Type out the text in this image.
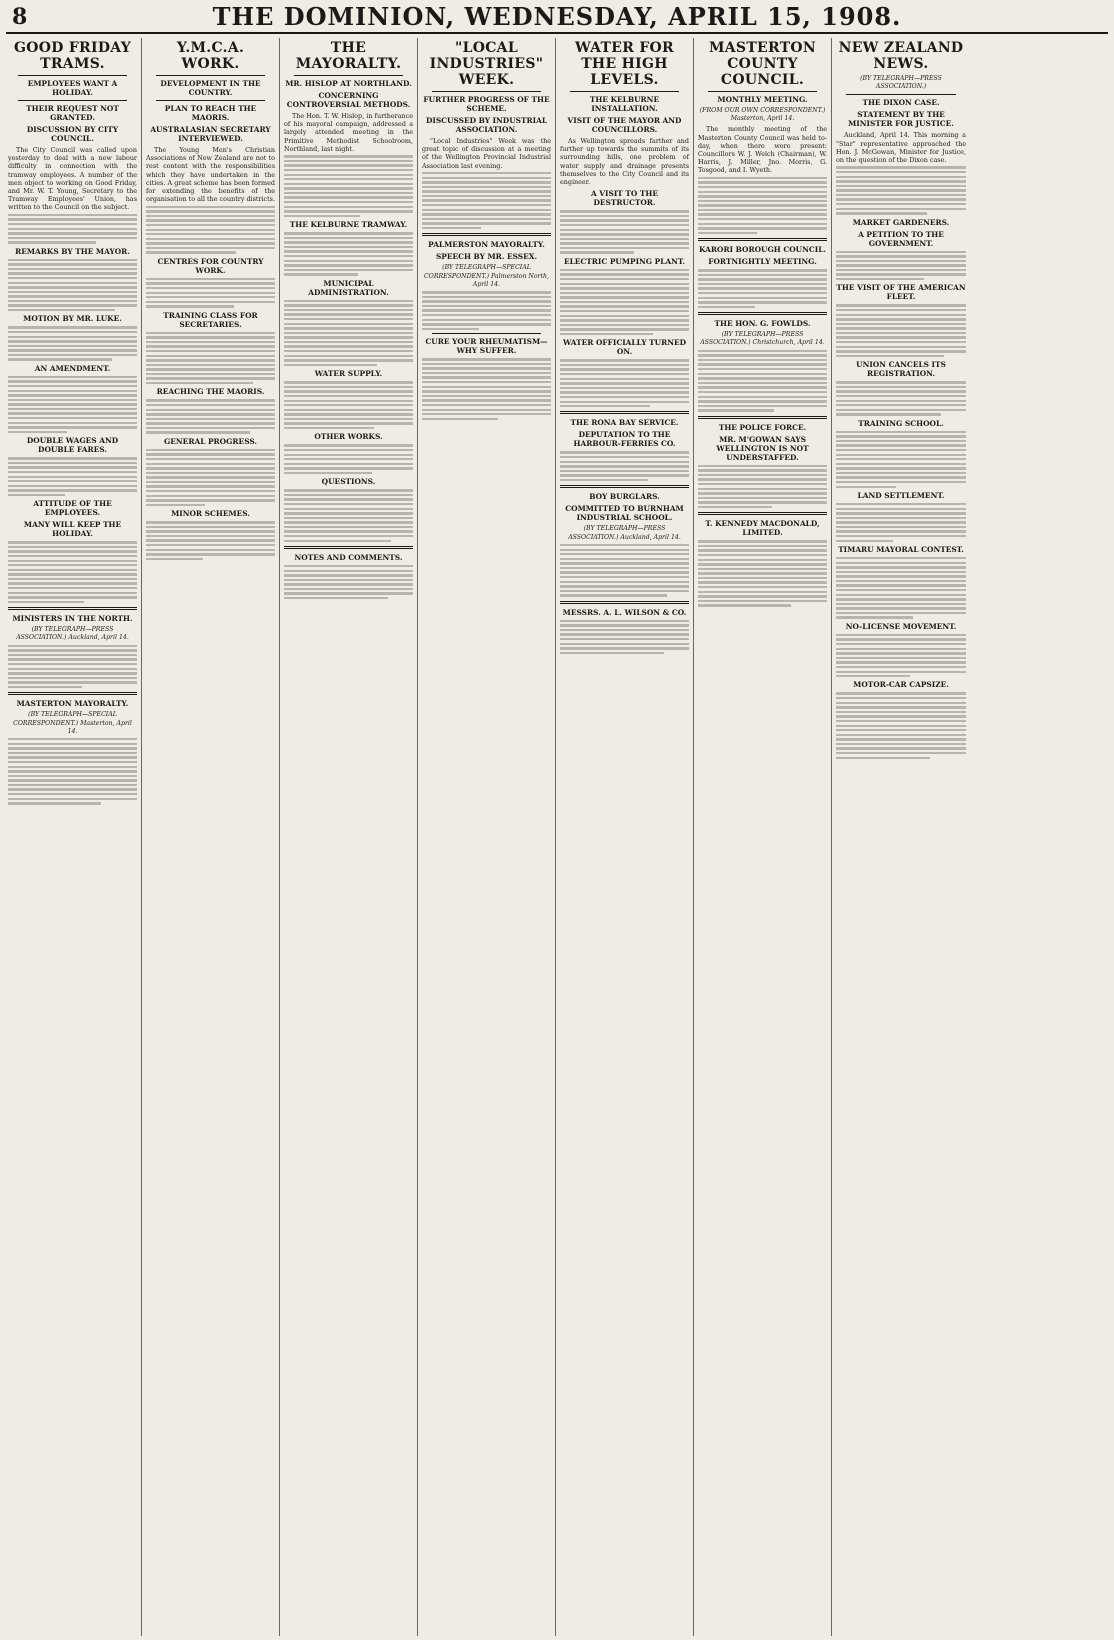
8	THE DOMINION, WEDNESDAY, APRIL 15, 1908.
GOOD FRIDAY TRAMS.
EMPLOYEES WANT A HOLIDAY.
THEIR REQUEST NOT GRANTED.
DISCUSSION BY CITY COUNCIL.

The City Council was called upon yesterday to deal with a new labour difficulty in connection with the tramway employees. A number of the men object to working on Good Friday, and Mr. W. T. Young, Secretary to the Tramway Employees' Union, has written to the Council on the subject.

REMARKS BY THE MAYOR.
MOTION BY MR. LUKE.
AN AMENDMENT.
DOUBLE WAGES AND DOUBLE FARES.
ATTITUDE OF THE EMPLOYEES.
MANY WILL KEEP THE HOLIDAY.
MINISTERS IN THE NORTH.
(BY TELEGRAPH—PRESS ASSOCIATION.) Auckland, April 14.
MASTERTON MAYORALTY.
(BY TELEGRAPH—SPECIAL CORRESPONDENT.) Masterton, April 14.
Y.M.C.A. WORK.
DEVELOPMENT IN THE COUNTRY.
PLAN TO REACH THE MAORIS.
AUSTRALASIAN SECRETARY INTERVIEWED.

The Young Men's Christian Associations of New Zealand are not to rest content with the responsibilities which they have undertaken in the cities. A great scheme has been formed for extending the benefits of the organisation to all the country districts.

CENTRES FOR COUNTRY WORK.
TRAINING CLASS FOR SECRETARIES.
REACHING THE MAORIS.
GENERAL PROGRESS.
MINOR SCHEMES.
THE MAYORALTY.
MR. HISLOP AT NORTHLAND.
CONCERNING CONTROVERSIAL METHODS.

The Hon. T. W. Hislop, in furtherance of his mayoral campaign, addressed a largely attended meeting in the Primitive Methodist Schoolroom, Northland, last night.

THE KELBURNE TRAMWAY.
MUNICIPAL ADMINISTRATION.
WATER SUPPLY.
OTHER WORKS.
QUESTIONS.
NOTES AND COMMENTS.
"LOCAL INDUSTRIES" WEEK.
FURTHER PROGRESS OF THE SCHEME.
DISCUSSED BY INDUSTRIAL ASSOCIATION.

"Local Industries" Week was the great topic of discussion at a meeting of the Wellington Provincial Industrial Association last evening.

PALMERSTON MAYORALTY.
SPEECH BY MR. ESSEX.
(BY TELEGRAPH—SPECIAL CORRESPONDENT.) Palmerston North, April 14.
CURE YOUR RHEUMATISM—WHY SUFFER.
WATER FOR THE HIGH LEVELS.
THE KELBURNE INSTALLATION.
VISIT OF THE MAYOR AND COUNCILLORS.

As Wellington spreads farther and further up towards the summits of its surrounding hills, one problem of water supply and drainage presents themselves to the City Council and its engineer.

A VISIT TO THE DESTRUCTOR.
ELECTRIC PUMPING PLANT.
WATER OFFICIALLY TURNED ON.
THE RONA BAY SERVICE.
DEPUTATION TO THE HARBOUR-FERRIES CO.
BOY BURGLARS.
COMMITTED TO BURNHAM INDUSTRIAL SCHOOL.
(BY TELEGRAPH—PRESS ASSOCIATION.) Auckland, April 14.
MESSRS. A. L. WILSON & CO.
MASTERTON COUNTY COUNCIL.
MONTHLY MEETING.
(FROM OUR OWN CORRESPONDENT.) Masterton, April 14.

The monthly meeting of the Masterton County Council was held to-day, when there were present: Councillors W. J. Welch (Chairman), W. Harris, J. Miller, Jno. Morris, G. Tosgood, and I. Wyeth.

KARORI BOROUGH COUNCIL.
FORTNIGHTLY MEETING.
THE HON. G. FOWLDS.
(BY TELEGRAPH—PRESS ASSOCIATION.) Christchurch, April 14.
THE POLICE FORCE.
MR. M'GOWAN SAYS WELLINGTON IS NOT UNDERSTAFFED.
T. KENNEDY MACDONALD, LIMITED.
NEW ZEALAND NEWS.
(BY TELEGRAPH—PRESS ASSOCIATION.)
THE DIXON CASE.
STATEMENT BY THE MINISTER FOR JUSTICE.

Auckland, April 14. This morning a "Star" representative approached the Hon. J. McGowan, Minister for Justice, on the question of the Dixon case.

MARKET GARDENERS.
A PETITION TO THE GOVERNMENT.
THE VISIT OF THE AMERICAN FLEET.
UNION CANCELS ITS REGISTRATION.
TRAINING SCHOOL.
LAND SETTLEMENT.
TIMARU MAYORAL CONTEST.
NO-LICENSE MOVEMENT.
MOTOR-CAR CAPSIZE.
